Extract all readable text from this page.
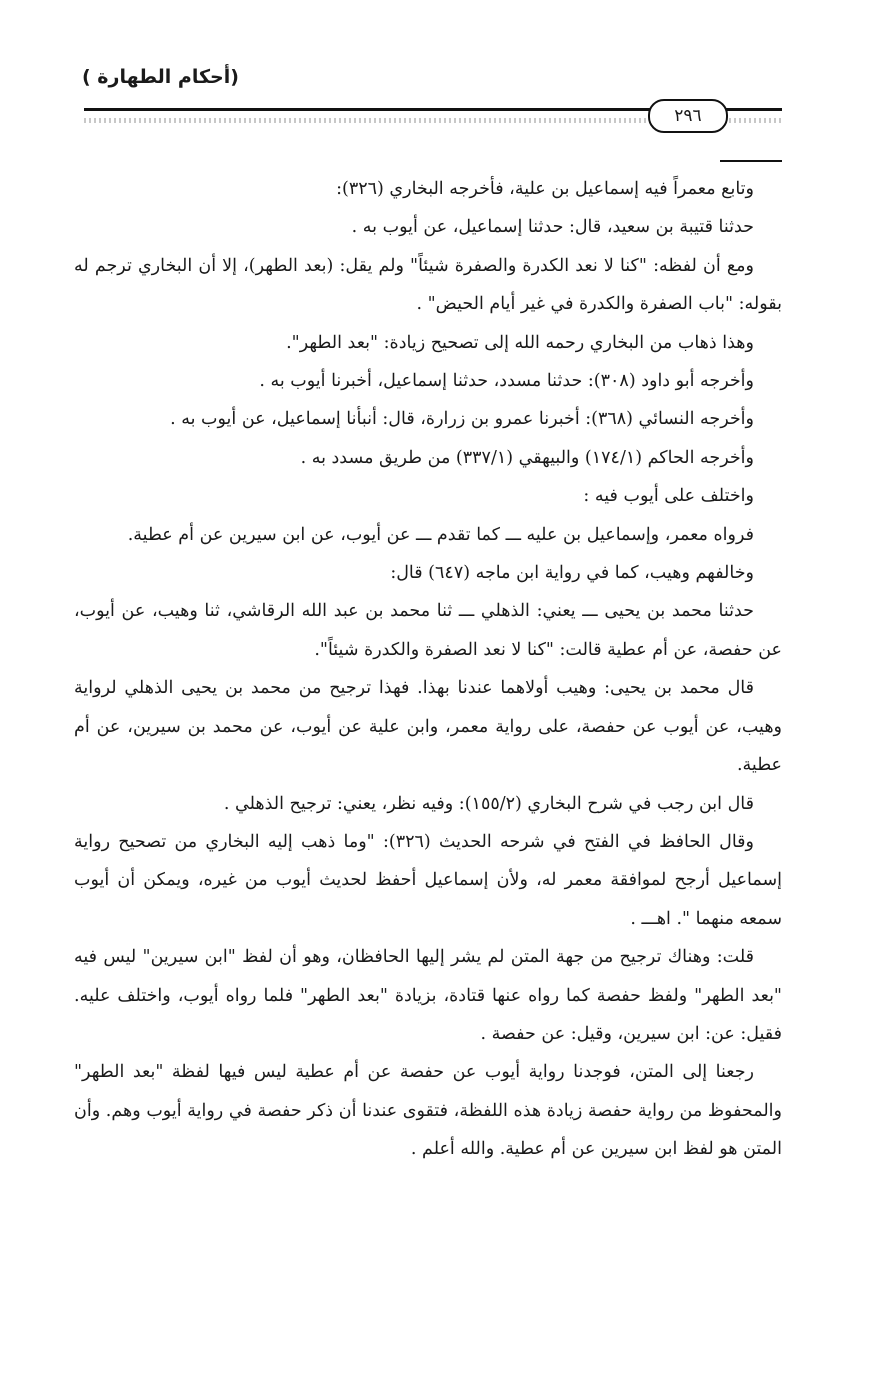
(أحكام الطهارة )
٢٩٦

وتابع معمراً فيه إسماعيل بن علية، فأخرجه البخاري (٣٢٦):

حدثنا قتيبة بن سعيد، قال: حدثنا إسماعيل، عن أيوب به .

ومع أن لفظه: "كنا لا نعد الكدرة والصفرة شيئاً" ولم يقل: (بعد الطهر)، إلا أن البخاري ترجم له بقوله: "باب الصفرة والكدرة في غير أيام الحيض" .

وهذا ذهاب من البخاري رحمه الله إلى تصحيح زيادة: "بعد الطهر".

وأخرجه أبو داود (٣٠٨): حدثنا مسدد، حدثنا إسماعيل، أخبرنا أيوب به .

وأخرجه النسائي (٣٦٨): أخبرنا عمرو بن زرارة، قال: أنبأنا إسماعيل، عن أيوب به .

وأخرجه الحاكم (١٧٤/١) والبيهقي (٣٣٧/١) من طريق مسدد به .

واختلف على أيوب فيه :

فرواه معمر، وإسماعيل بن عليه ـــ كما تقدم ـــ عن أيوب، عن ابن سيرين عن أم عطية.

وخالفهم وهيب، كما في رواية ابن ماجه (٦٤٧) قال:

حدثنا محمد بن يحيى ـــ يعني: الذهلي ـــ ثنا محمد بن عبد الله الرقاشي، ثنا وهيب، عن أيوب، عن حفصة، عن أم عطية قالت: "كنا لا نعد الصفرة والكدرة شيئاً".

قال محمد بن يحيى: وهيب أولاهما عندنا بهذا. فهذا ترجيح من محمد بن يحيى الذهلي لرواية وهيب، عن أيوب عن حفصة، على رواية معمر، وابن علية عن أيوب، عن محمد بن سيرين، عن أم عطية.

قال ابن رجب في شرح البخاري (١٥٥/٢): وفيه نظر، يعني: ترجيح الذهلي .

وقال الحافظ في الفتح في شرحه الحديث (٣٢٦): "وما ذهب إليه البخاري من تصحيح رواية إسماعيل أرجح لموافقة معمر له، ولأن إسماعيل أحفظ لحديث أيوب من غيره، ويمكن أن أيوب سمعه منهما ". اهـــ .

قلت: وهناك ترجيح من جهة المتن لم يشر إليها الحافظان، وهو أن لفظ "ابن سيرين" ليس فيه "بعد الطهر" ولفظ حفصة كما رواه عنها قتادة، بزيادة "بعد الطهر" فلما رواه أيوب، واختلف عليه. فقيل: عن: ابن سيرين، وقيل: عن حفصة .

رجعنا إلى المتن، فوجدنا رواية أيوب عن حفصة عن أم عطية ليس فيها لفظة "بعد الطهر" والمحفوظ من رواية حفصة زيادة هذه اللفظة، فتقوى عندنا أن ذكر حفصة في رواية أيوب وهم. وأن المتن هو لفظ ابن سيرين عن أم عطية. والله أعلم .
